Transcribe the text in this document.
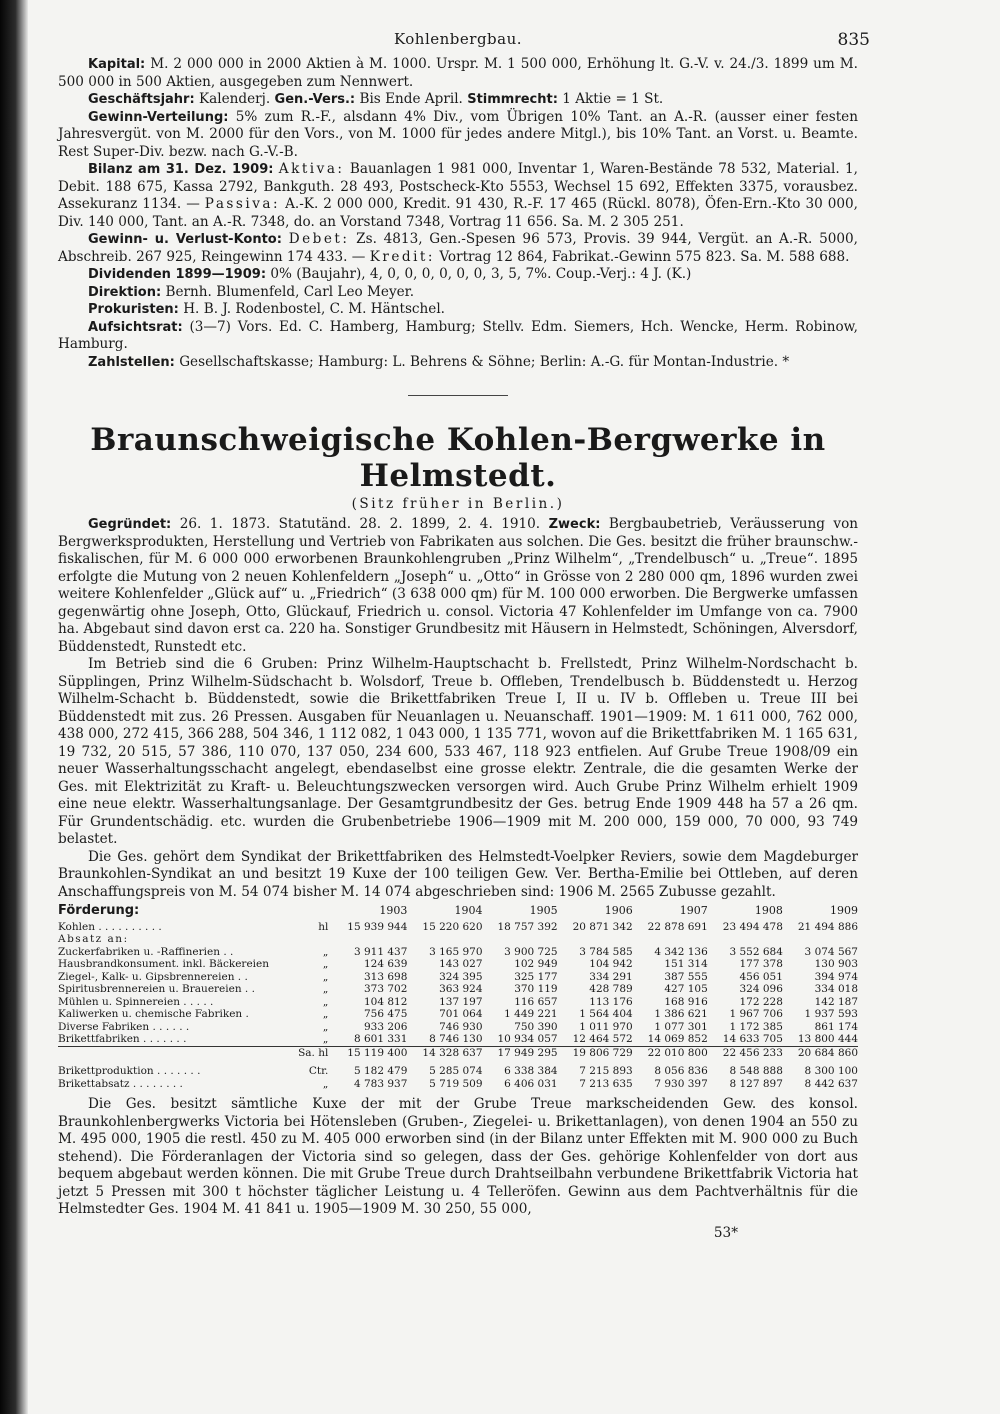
Kohlenbergbau.	835

Kapital: M. 2 000 000 in 2000 Aktien à M. 1000. Urspr. M. 1 500 000, Erhöhung lt. G.-V. v. 24./3. 1899 um M. 500 000 in 500 Aktien, ausgegeben zum Nennwert.

Geschäftsjahr: Kalenderj. Gen.-Vers.: Bis Ende April. Stimmrecht: 1 Aktie = 1 St.

Gewinn-Verteilung: 5% zum R.-F., alsdann 4% Div., vom Übrigen 10% Tant. an A.-R. (ausser einer festen Jahresvergüt. von M. 2000 für den Vors., von M. 1000 für jedes andere Mitgl.), bis 10% Tant. an Vorst. u. Beamte. Rest Super-Div. bezw. nach G.-V.-B.

Bilanz am 31. Dez. 1909: Aktiva: Bauanlagen 1 981 000, Inventar 1, Waren-Bestände 78 532, Material. 1, Debit. 188 675, Kassa 2792, Bankguth. 28 493, Postscheck-Kto 5553, Wechsel 15 692, Effekten 3375, vorausbez. Assekuranz 1134. — Passiva: A.-K. 2 000 000, Kredit. 91 430, R.-F. 17 465 (Rückl. 8078), Öfen-Ern.-Kto 30 000, Div. 140 000, Tant. an A.-R. 7348, do. an Vorstand 7348, Vortrag 11 656. Sa. M. 2 305 251.

Gewinn- u. Verlust-Konto: Debet: Zs. 4813, Gen.-Spesen 96 573, Provis. 39 944, Vergüt. an A.-R. 5000, Abschreib. 267 925, Reingewinn 174 433. — Kredit: Vortrag 12 864, Fabrikat.-Gewinn 575 823. Sa. M. 588 688.

Dividenden 1899—1909: 0% (Baujahr), 4, 0, 0, 0, 0, 0, 0, 3, 5, 7%. Coup.-Verj.: 4 J. (K.)

Direktion: Bernh. Blumenfeld, Carl Leo Meyer.

Prokuristen: H. B. J. Rodenbostel, C. M. Häntschel.

Aufsichtsrat: (3—7) Vors. Ed. C. Hamberg, Hamburg; Stellv. Edm. Siemers, Hch. Wencke, Herm. Robinow, Hamburg.

Zahlstellen: Gesellschaftskasse; Hamburg: L. Behrens & Söhne; Berlin: A.-G. für Montan-Industrie. *

Braunschweigische Kohlen-Bergwerke in Helmstedt.
(Sitz früher in Berlin.)

Gegründet: 26. 1. 1873. Statutänd. 28. 2. 1899, 2. 4. 1910. Zweck: Bergbaubetrieb, Veräusserung von Bergwerksprodukten, Herstellung und Vertrieb von Fabrikaten aus solchen. Die Ges. besitzt die früher braunschw.-fiskalischen, für M. 6 000 000 erworbenen Braunkohlengruben „Prinz Wilhelm“, „Trendelbusch“ u. „Treue“. 1895 erfolgte die Mutung von 2 neuen Kohlenfeldern „Joseph“ u. „Otto“ in Grösse von 2 280 000 qm, 1896 wurden zwei weitere Kohlenfelder „Glück auf“ u. „Friedrich“ (3 638 000 qm) für M. 100 000 erworben. Die Bergwerke umfassen gegenwärtig ohne Joseph, Otto, Glückauf, Friedrich u. consol. Victoria 47 Kohlenfelder im Umfange von ca. 7900 ha. Abgebaut sind davon erst ca. 220 ha. Sonstiger Grundbesitz mit Häusern in Helmstedt, Schöningen, Alversdorf, Büddenstedt, Runstedt etc.

Im Betrieb sind die 6 Gruben: Prinz Wilhelm-Hauptschacht b. Frellstedt, Prinz Wilhelm-Nordschacht b. Süpplingen, Prinz Wilhelm-Südschacht b. Wolsdorf, Treue b. Offleben, Trendelbusch b. Büddenstedt u. Herzog Wilhelm-Schacht b. Büddenstedt, sowie die Brikettfabriken Treue I, II u. IV b. Offleben u. Treue III bei Büddenstedt mit zus. 26 Pressen. Ausgaben für Neuanlagen u. Neuanschaff. 1901—1909: M. 1 611 000, 762 000, 438 000, 272 415, 366 288, 504 346, 1 112 082, 1 043 000, 1 135 771, wovon auf die Brikettfabriken M. 1 165 631, 19 732, 20 515, 57 386, 110 070, 137 050, 234 600, 533 467, 118 923 entfielen. Auf Grube Treue 1908/09 ein neuer Wasserhaltungsschacht angelegt, ebendaselbst eine grosse elektr. Zentrale, die die gesamten Werke der Ges. mit Elektrizität zu Kraft- u. Beleuchtungszwecken versorgen wird. Auch Grube Prinz Wilhelm erhielt 1909 eine neue elektr. Wasserhaltungsanlage. Der Gesamtgrundbesitz der Ges. betrug Ende 1909 448 ha 57 a 26 qm. Für Grundentschädig. etc. wurden die Grubenbetriebe 1906—1909 mit M. 200 000, 159 000, 70 000, 93 749 belastet.

Die Ges. gehört dem Syndikat der Brikettfabriken des Helmstedt-Voelpker Reviers, sowie dem Magdeburger Braunkohlen-Syndikat an und besitzt 19 Kuxe der 100 teiligen Gew. Ver. Bertha-Emilie bei Ottleben, auf deren Anschaffungspreis von M. 54 074 bisher M. 14 074 abgeschrieben sind: 1906 M. 2565 Zubusse gezahlt.

Förderung:		1903	1904	1905	1906	1907	1908	1909
Kohlen . . . . . . . . . .	hl	15 939 944	15 220 620	18 757 392	20 871 342	22 878 691	23 494 478	21 494 886
Absatz an:								
Zuckerfabriken u. -Raffinerien . .	„	3 911 437	3 165 970	3 900 725	3 784 585	4 342 136	3 552 684	3 074 567
Hausbrandkonsument. inkl. Bäckereien	„	124 639	143 027	102 949	104 942	151 314	177 378	130 903
Ziegel-, Kalk- u. Gipsbrennereien . .	„	313 698	324 395	325 177	334 291	387 555	456 051	394 974
Spiritusbrennereien u. Brauereien . .	„	373 702	363 924	370 119	428 789	427 105	324 096	334 018
Mühlen u. Spinnereien . . . . .	„	104 812	137 197	116 657	113 176	168 916	172 228	142 187
Kaliwerken u. chemische Fabriken .	„	756 475	701 064	1 449 221	1 564 404	1 386 621	1 967 706	1 937 593
Diverse Fabriken . . . . . .	„	933 206	746 930	750 390	1 011 970	1 077 301	1 172 385	861 174
Brikettfabriken . . . . . . .	„	8 601 331	8 746 130	10 934 057	12 464 572	14 069 852	14 633 705	13 800 444
	Sa. hl	15 119 400	14 328 637	17 949 295	19 806 729	22 010 800	22 456 233	20 684 860
Brikettproduktion . . . . . . .	Ctr.	5 182 479	5 285 074	6 338 384	7 215 893	8 056 836	8 548 888	8 300 100
Brikettabsatz . . . . . . . .	„	4 783 937	5 719 509	6 406 031	7 213 635	7 930 397	8 127 897	8 442 637

Die Ges. besitzt sämtliche Kuxe der mit der Grube Treue markscheidenden Gew. des konsol. Braunkohlenbergwerks Victoria bei Hötensleben (Gruben-, Ziegelei- u. Brikettanlagen), von denen 1904 an 550 zu M. 495 000, 1905 die restl. 450 zu M. 405 000 erworben sind (in der Bilanz unter Effekten mit M. 900 000 zu Buch stehend). Die Förderanlagen der Victoria sind so gelegen, dass der Ges. gehörige Kohlenfelder von dort aus bequem abgebaut werden können. Die mit Grube Treue durch Drahtseilbahn verbundene Brikettfabrik Victoria hat jetzt 5 Pressen mit 300 t höchster täglicher Leistung u. 4 Telleröfen. Gewinn aus dem Pachtverhältnis für die Helmstedter Ges. 1904 M. 41 841 u. 1905—1909 M. 30 250, 55 000,

53*
